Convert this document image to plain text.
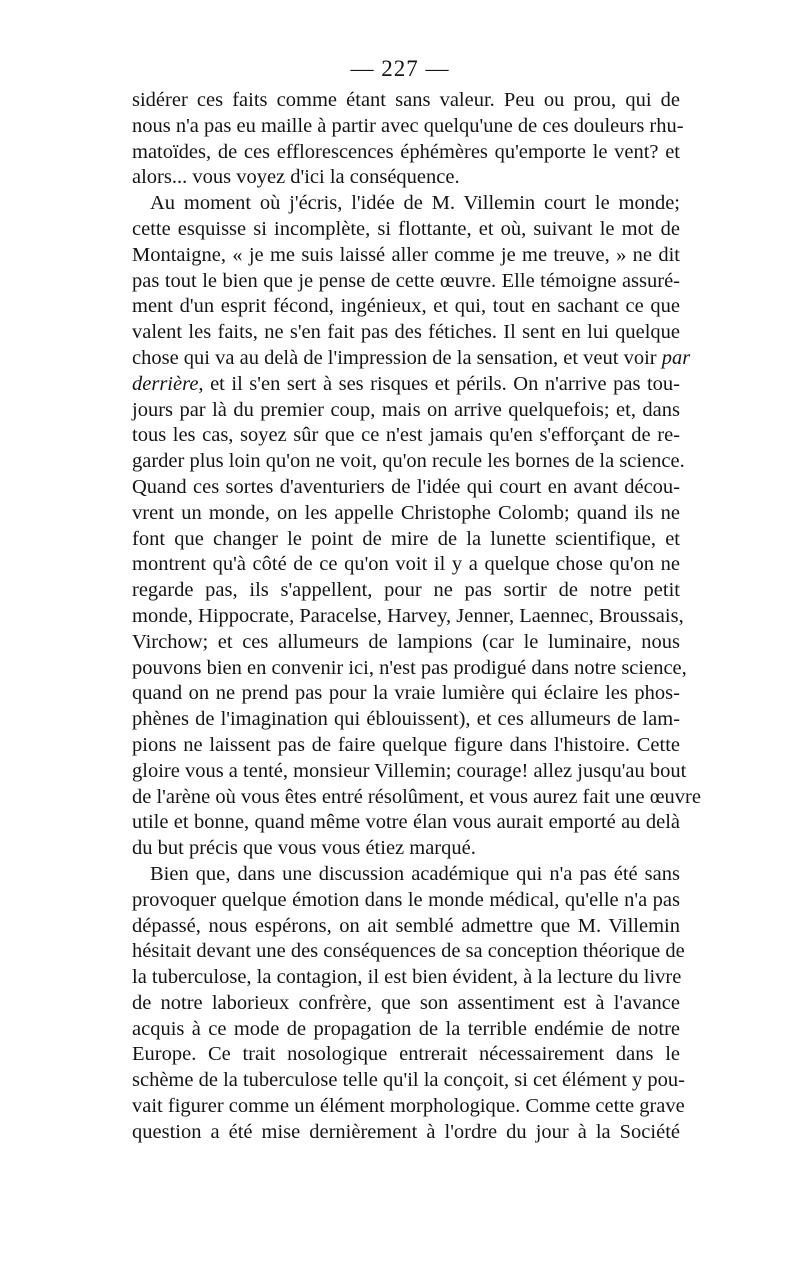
— 227 —
sidérer ces faits comme étant sans valeur. Peu ou prou, qui de
nous n'a pas eu maille à partir avec quelqu'une de ces douleurs rhu-
matoïdes, de ces efflorescences éphémères qu'emporte le vent? et
alors... vous voyez d'ici la conséquence.
Au moment où j'écris, l'idée de M. Villemin court le monde;
cette esquisse si incomplète, si flottante, et où, suivant le mot de
Montaigne, « je me suis laissé aller comme je me treuve, » ne dit
pas tout le bien que je pense de cette œuvre. Elle témoigne assuré-
ment d'un esprit fécond, ingénieux, et qui, tout en sachant ce que
valent les faits, ne s'en fait pas des fétiches. Il sent en lui quelque
chose qui va au delà de l'impression de la sensation, et veut voir par
derrière, et il s'en sert à ses risques et périls. On n'arrive pas tou-
jours par là du premier coup, mais on arrive quelquefois; et, dans
tous les cas, soyez sûr que ce n'est jamais qu'en s'efforçant de re-
garder plus loin qu'on ne voit, qu'on recule les bornes de la science.
Quand ces sortes d'aventuriers de l'idée qui court en avant décou-
vrent un monde, on les appelle Christophe Colomb; quand ils ne
font que changer le point de mire de la lunette scientifique, et
montrent qu'à côté de ce qu'on voit il y a quelque chose qu'on ne
regarde pas, ils s'appellent, pour ne pas sortir de notre petit
monde, Hippocrate, Paracelse, Harvey, Jenner, Laennec, Broussais,
Virchow; et ces allumeurs de lampions (car le luminaire, nous
pouvons bien en convenir ici, n'est pas prodigué dans notre science,
quand on ne prend pas pour la vraie lumière qui éclaire les phos-
phènes de l'imagination qui éblouissent), et ces allumeurs de lam-
pions ne laissent pas de faire quelque figure dans l'histoire. Cette
gloire vous a tenté, monsieur Villemin; courage! allez jusqu'au bout
de l'arène où vous êtes entré résolûment, et vous aurez fait une œuvre
utile et bonne, quand même votre élan vous aurait emporté au delà
du but précis que vous vous étiez marqué.
Bien que, dans une discussion académique qui n'a pas été sans
provoquer quelque émotion dans le monde médical, qu'elle n'a pas
dépassé, nous espérons, on ait semblé admettre que M. Villemin
hésitait devant une des conséquences de sa conception théorique de
la tuberculose, la contagion, il est bien évident, à la lecture du livre
de notre laborieux confrère, que son assentiment est à l'avance
acquis à ce mode de propagation de la terrible endémie de notre
Europe. Ce trait nosologique entrerait nécessairement dans le
schème de la tuberculose telle qu'il la conçoit, si cet élément y pou-
vait figurer comme un élément morphologique. Comme cette grave
question a été mise dernièrement à l'ordre du jour à la Société
